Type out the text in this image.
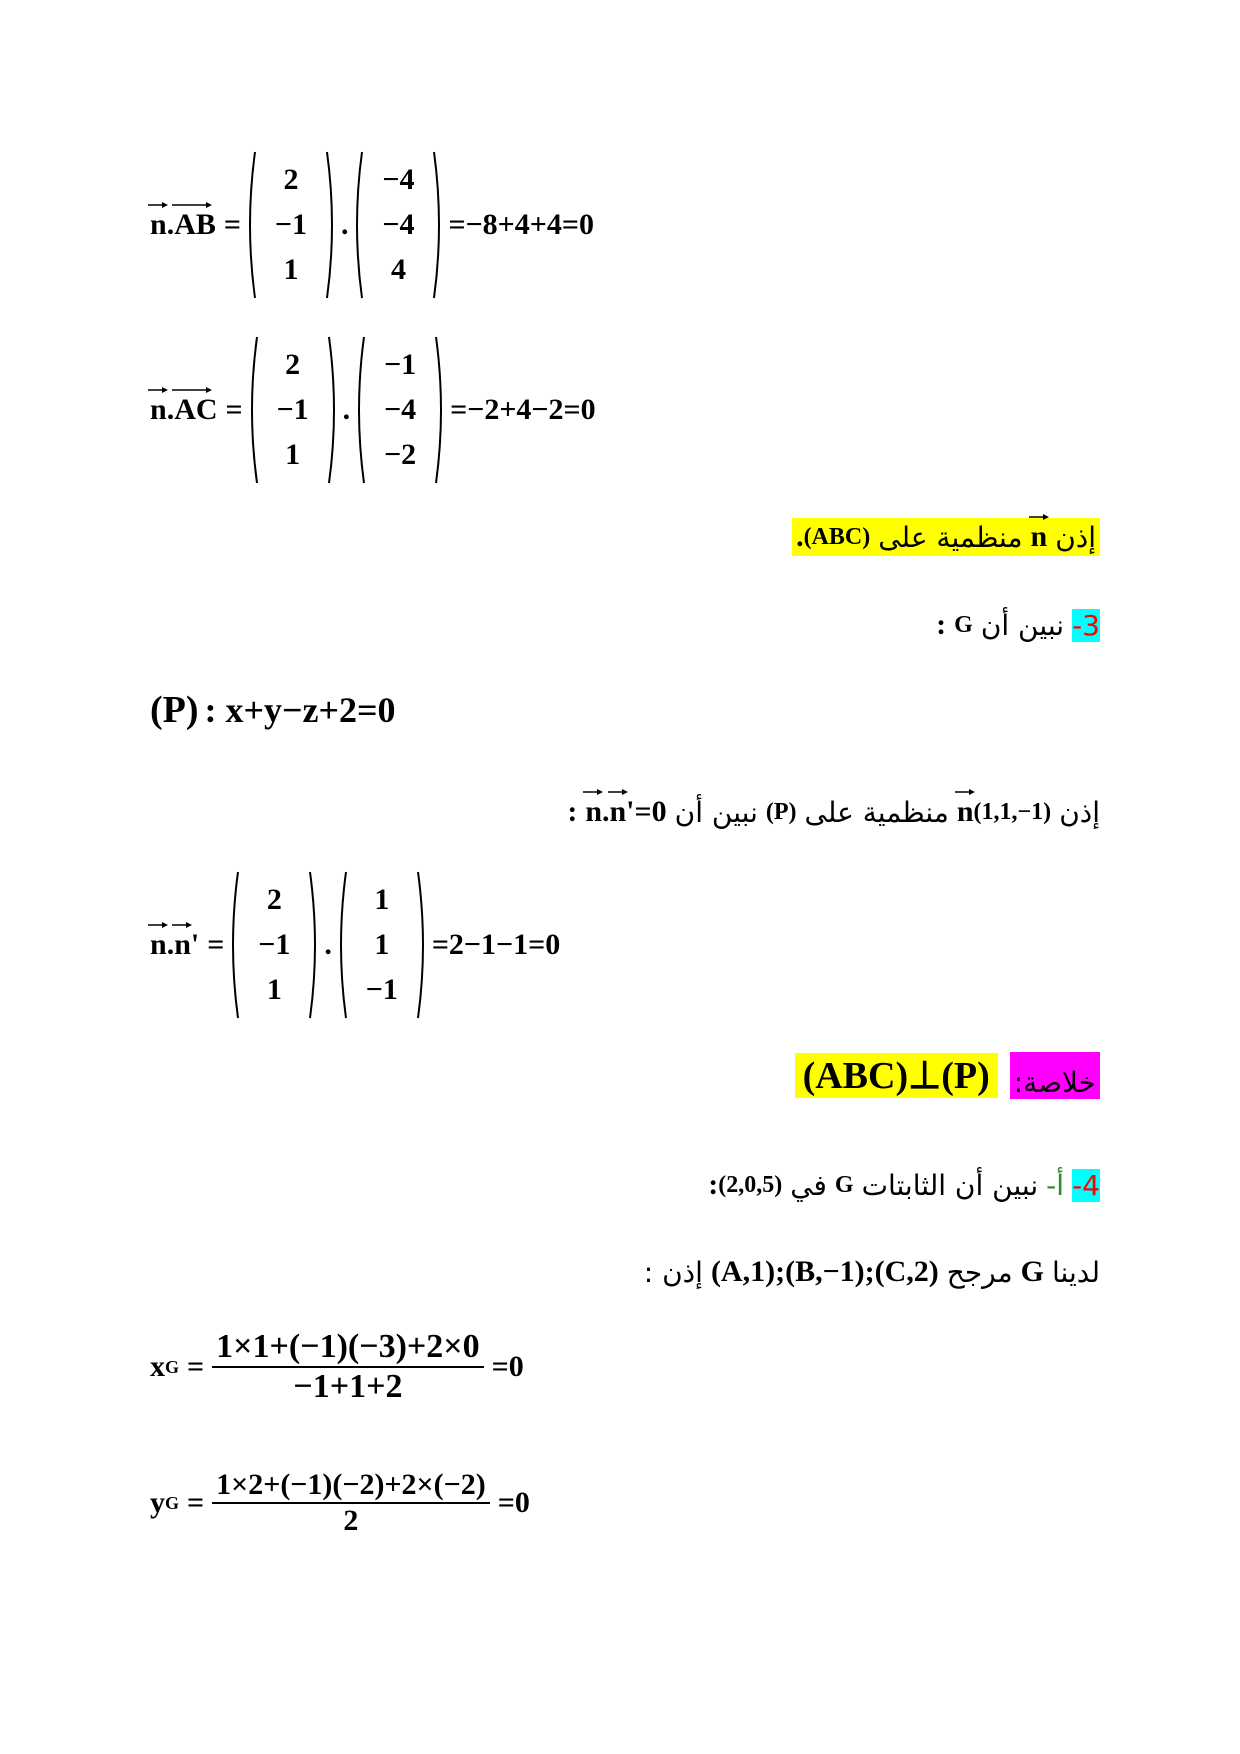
n . AB =
2
−1
1
.
−4
−4
4
=−8+4+4=0
n . AC =
2
−1
1
.
−1
−4
−2
=−2+4−2=0
إذن
n
منظمية على
(ABC)
.
3-
نبين أن
G
:
(P) : x+y−z+2=0
إذن
(1,1,−1)
n
منظمية على
(P)
نبين أن
n . n' =0
:
n . n' =
2
−1
1
.
1
1
−1
=2−1−1=0
(ABC)⊥(P) خلاصة:
4-
أ-
نبين أن الثابتات
G
في
(2,0,5)
:
لدينا
G
مرجح
(A,1);(B,−1);(C,2)
إذن :
x $G = \frac{1\times 1+(-1)(-3)+2\times 0}{-1+1+2} =0$
y $G = \frac{1\times 2+(-1)(-2)+2\times(-2)}{2} =0$
